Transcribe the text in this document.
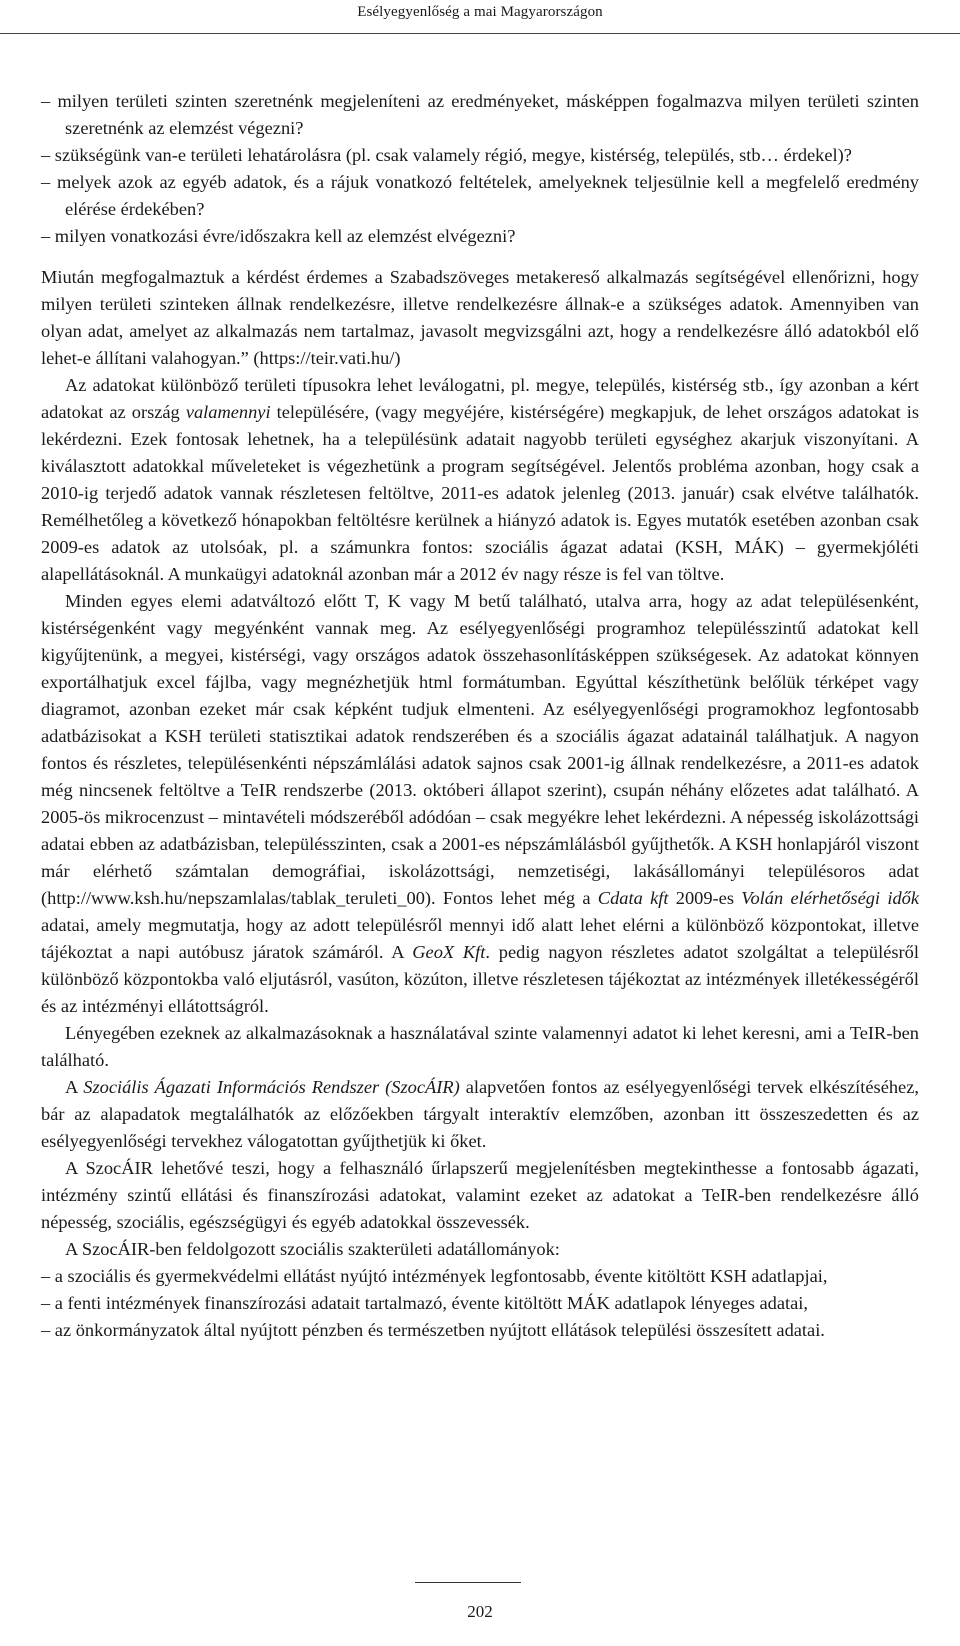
Esélyegyenlőség a mai Magyarországon
– milyen területi szinten szeretnénk megjeleníteni az eredményeket, másképpen fogalmazva milyen területi szinten szeretnénk az elemzést végezni?
– szükségünk van-e területi lehatárolásra (pl. csak valamely régió, megye, kistérség, település, stb… érdekel)?
– melyek azok az egyéb adatok, és a rájuk vonatkozó feltételek, amelyeknek teljesülnie kell a megfelelő eredmény elérése érdekében?
– milyen vonatkozási évre/időszakra kell az elemzést elvégezni?

Miután megfogalmaztuk a kérdést érdemes a Szabadszöveges metakereső alkalmazás segítségével ellenőrizni, hogy milyen területi szinteken állnak rendelkezésre, illetve rendelkezésre állnak-e a szükséges adatok. Amennyiben van olyan adat, amelyet az alkalmazás nem tartalmaz, javasolt megvizsgálni azt, hogy a rendelkezésre álló adatokból elő lehet-e állítani valahogyan.” (https://teir.vati.hu/)

Az adatokat különböző területi típusokra lehet leválogatni, pl. megye, település, kistérség stb., így azonban a kért adatokat az ország valamennyi településére, (vagy megyéjére, kistérségére) megkapjuk, de lehet országos adatokat is lekérdezni. Ezek fontosak lehetnek, ha a településünk adatait nagyobb területi egységhez akarjuk viszonyítani. A kiválasztott adatokkal műveleteket is végezhetünk a program segítségével. Jelentős probléma azonban, hogy csak a 2010-ig terjedő adatok vannak részletesen feltöltve, 2011-es adatok jelenleg (2013. január) csak elvétve találhatók. Remélhetőleg a következő hónapokban feltöltésre kerülnek a hiányzó adatok is. Egyes mutatók esetében azonban csak 2009-es adatok az utolsóak, pl. a számunkra fontos: szociális ágazat adatai (KSH, MÁK) – gyermekjóléti alapellátásoknál. A munkaügyi adatoknál azonban már a 2012 év nagy része is fel van töltve.

Minden egyes elemi adatváltozó előtt T, K vagy M betű található, utalva arra, hogy az adat településenként, kistérségenként vagy megyénként vannak meg. Az esélyegyenlőségi programhoz településszintű adatokat kell kigyűjtenünk, a megyei, kistérségi, vagy országos adatok összehasonlításképpen szükségesek. Az adatokat könnyen exportálhatjuk excel fájlba, vagy megnézhetjük html formátumban. Egyúttal készíthetünk belőlük térképet vagy diagramot, azonban ezeket már csak képként tudjuk elmenteni. Az esélyegyenlőségi programokhoz legfontosabb adatbázisokat a KSH területi statisztikai adatok rendszerében és a szociális ágazat adatainál találhatjuk. A nagyon fontos és részletes, településenkénti népszámlálási adatok sajnos csak 2001-ig állnak rendelkezésre, a 2011-es adatok még nincsenek feltöltve a TeIR rendszerbe (2013. októberi állapot szerint), csupán néhány előzetes adat található. A 2005-ös mikrocenzust – mintavételi módszeréből adódóan – csak megyékre lehet lekérdezni. A népesség iskolázottsági adatai ebben az adatbázisban, településszinten, csak a 2001-es népszámlálásból gyűjthetők. A KSH honlapjáról viszont már elérhető számtalan demográfiai, iskolázottsági, nemzetiségi, lakásállományi településoros adat (http://www.ksh.hu/nepszamlalas/tablak_teruleti_00). Fontos lehet még a Cdata kft 2009-es Volán elérhetőségi idők adatai, amely megmutatja, hogy az adott településről mennyi idő alatt lehet elérni a különböző központokat, illetve tájékoztat a napi autóbusz járatok számáról. A GeoX Kft. pedig nagyon részletes adatot szolgáltat a településről különböző központokba való eljutásról, vasúton, közúton, illetve részletesen tájékoztat az intézmények illetékességéről és az intézményi ellátottságról.

Lényegében ezeknek az alkalmazásoknak a használatával szinte valamennyi adatot ki lehet keresni, ami a TeIR-ben található.

A Szociális Ágazati Információs Rendszer (SzocÁIR) alapvetően fontos az esélyegyenlőségi tervek elkészítéséhez, bár az alapadatok megtalálhatók az előzőekben tárgyalt interaktív elemzőben, azonban itt összeszedetten és az esélyegyenlőségi tervekhez válogatottan gyűjthetjük ki őket.

A SzocÁIR lehetővé teszi, hogy a felhasználó űrlapszerű megjelenítésben megtekinthesse a fontosabb ágazati, intézmény szintű ellátási és finanszírozási adatokat, valamint ezeket az adatokat a TeIR-ben rendelkezésre álló népesség, szociális, egészségügyi és egyéb adatokkal összevessék.

A SzocÁIR-ben feldolgozott szociális szakterületi adatállományok:

– a szociális és gyermekvédelmi ellátást nyújtó intézmények legfontosabb, évente kitöltött KSH adatlapjai,
– a fenti intézmények finanszírozási adatait tartalmazó, évente kitöltött MÁK adatlapok lényeges adatai,
– az önkormányzatok által nyújtott pénzben és természetben nyújtott ellátások települési összesített adatai.
202
